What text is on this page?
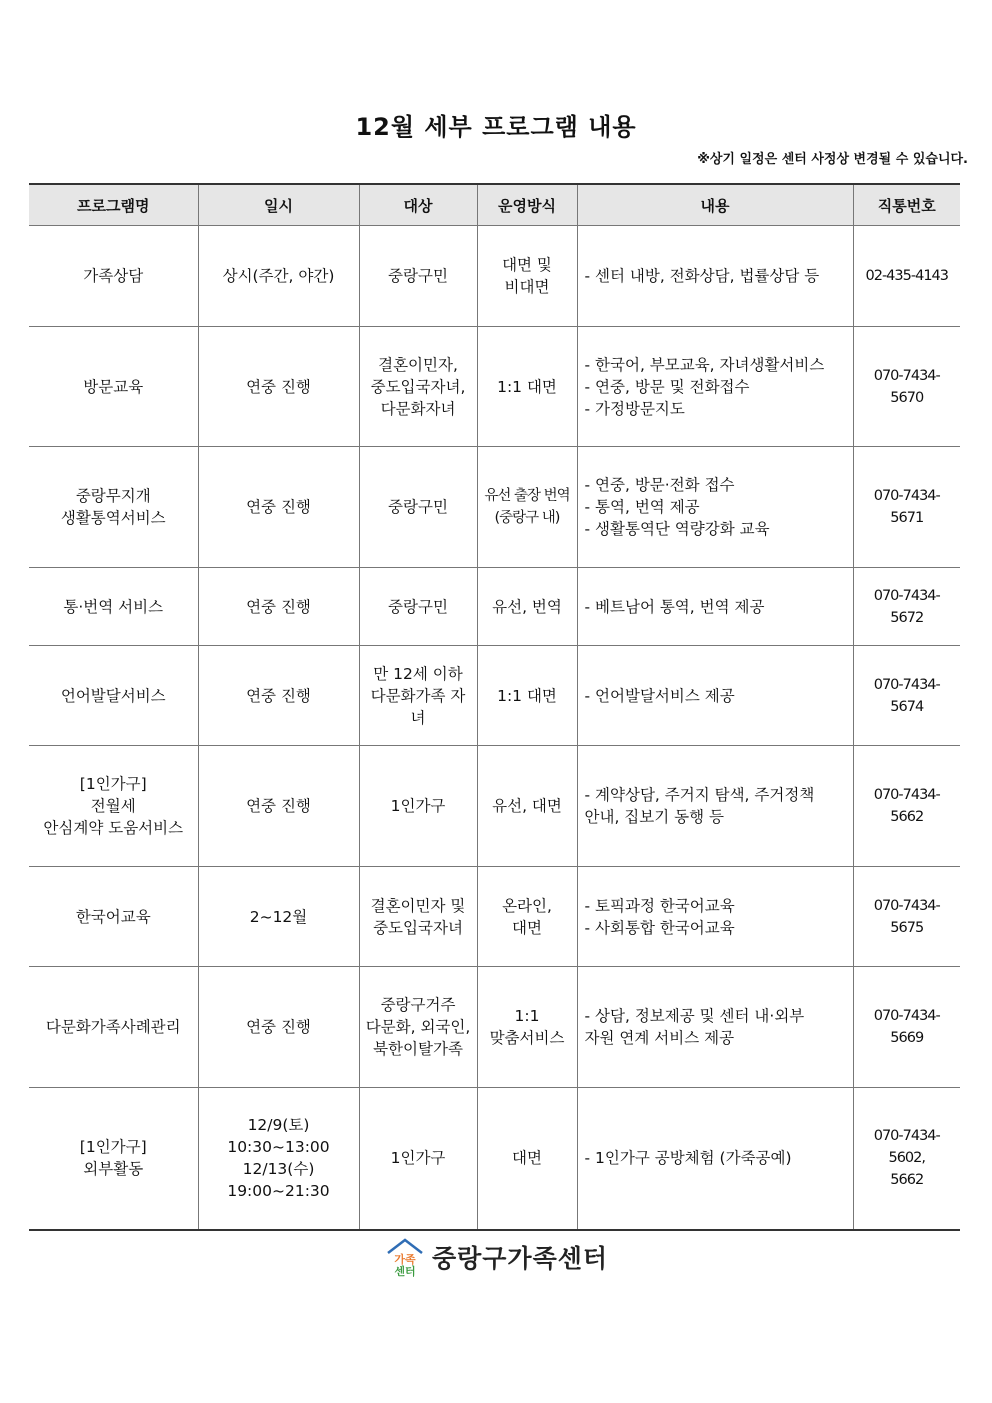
12월 세부 프로그램 내용
※상기 일정은 센터 사정상 변경될 수 있습니다.
프로그램명	일시	대상	운영방식	내용	직통번호
가족상담	상시(주간, 야간)	중랑구민	대면 및
비대면	- 센터 내방, 전화상담, 법률상담 등	02-435-4143
방문교육	연중 진행	결혼이민자,
중도입국자녀,
다문화자녀	1:1 대면	- 한국어, 부모교육, 자녀생활서비스
- 연중, 방문 및 전화접수
- 가정방문지도	070-7434-5670
중랑무지개
생활통역서비스	연중 진행	중랑구민	유선 출장 번역
(중랑구 내)	- 연중, 방문·전화 접수
- 통역, 번역 제공
- 생활통역단 역량강화 교육	070-7434-5671
통·번역 서비스	연중 진행	중랑구민	유선, 번역	- 베트남어 통역, 번역 제공	070-7434-5672
언어발달서비스	연중 진행	만 12세 이하
다문화가족 자녀	1:1 대면	- 언어발달서비스 제공	070-7434-5674
[1인가구]
전월세
안심계약 도움서비스	연중 진행	1인가구	유선, 대면	- 계약상담, 주거지 탐색, 주거정책
안내, 집보기 동행 등	070-7434-5662
한국어교육	2~12월	결혼이민자 및
중도입국자녀	온라인,
대면	- 토픽과정 한국어교육
- 사회통합 한국어교육	070-7434-5675
다문화가족사례관리	연중 진행	중랑구거주
다문화, 외국인,
북한이탈가족	1:1
맞춤서비스	- 상담, 정보제공 및 센터 내·외부
자원 연계 서비스 제공	070-7434-5669
[1인가구]
외부활동	12/9(토)
10:30~13:00
12/13(수)
19:00~21:30	1인가구	대면	- 1인가구 공방체험 (가죽공예)	070-7434-5602,
5662
가족
센터 중랑구가족센터
